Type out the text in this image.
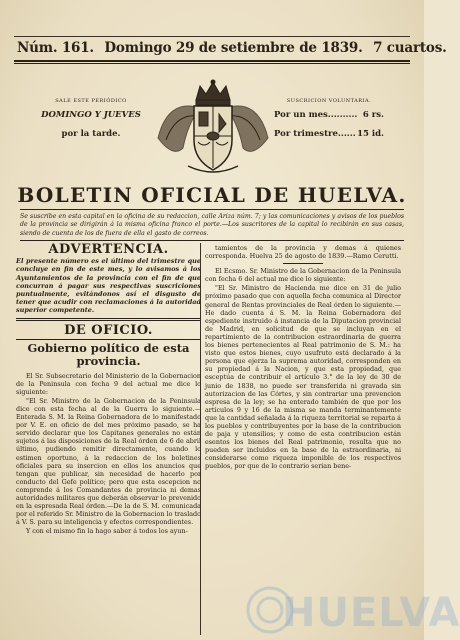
Núm. 161. Domingo 29 de setiembre de 1839. 7 cuartos.
SALE ESTE PERIÓDICO
DOMINGO Y JUEVES
por la tarde.
SUSCRICION VOLUNTARIA.
Por un mes.......... 6 rs.
Por trimestre...... 15 id.
BOLETIN OFICIAL DE HUELVA.
Se suscribe en esta capital en la oficina de su redaccion, calle Ariza núm. 7; y las comunicaciones y avisos de los pueblos de la provincia se dirigirán á la misma oficina franco el porte.—Los suscritores de la capital lo recibirán en sus casas, siendo de cuenta de los de fuera de ella el gasto de correos.
ADVERTENCIA.
El presente número es el último del trimestre que concluye en fin de este mes, y lo avisamos á los Ayuntamientos de la provincia con el fin de que concurran á pagar sus respectivas suscriciones puntualmente, evitándonos así el disgusto de tener que acudir con reclamaciones á la autoridad superior competente.
DE OFICIO.
Gobierno político de esta provincia.

El Sr. Subsecretario del Ministerio de la Gobernacion de la Peninsula con fecha 9 del actual me dice lo siguiente:

"El Sr. Ministro de la Gobernacion de la Peninsula dice con esta fecha al de la Guerra lo siguiente.—Enterada S. M. la Reina Gobernadora de lo manifestado por V. E. en oficio de del mes próximo pasado, se ha servido declarar que los Capitanes generales no están sujetos á las disposiciones de la Real órden de 6 de abril último, pudiendo remitir directamente, cuando lo estimen oportuno, á la redaccion de los boletines oficiales para su insercion en ellos los anuncios que tengan que publicar, sin necesidad de hacerlo por conducto del Gefe político; pero que esta escepcion no comprende á los Comandantes de provincia ni demas autoridades militares que deberán observar lo prevenido en la espresada Real órden.—De la de S. M. comunicada por el referido Sr. Ministro de la Gobernacion lo traslado á V. S. para su inteligencia y efectos correspondientes.

Y con el mismo fin la hago saber á todos los ayun-

tamientos de la provincia y demas á quienes corresponda. Huelva 25 de agosto de 1839.—Ramo Cerutti.

El Ecsmo. Sr. Ministro de la Gobernacion de la Peninsula con fecha 6 del actual me dice lo siguiente:

"El Sr. Ministro de Hacienda me dice en 31 de julio próximo pasado que con aquella fecha comunica al Director general de Rentas provinciales de Real órden lo siguiente.—He dado cuenta á S. M. la Reina Gobernadora del espediente instruido á instancia de la Diputacion provincial de Madrid, en solicitud de que se incluyan en el repartimiento de la contribucion estraordinaria de guerra los bienes pertenecientes al Real patrimonio de S. M.: ha visto que estos bienes, cuyo usufruto está declarado á la persona que ejerza la suprema autoridad, corresponden en su propiedad á la Nacion, y que esta propiedad, que esceptúa de contribuir el artículo 3.° de la ley de 30 de junio de 1838, no puede ser transferida ni gravada sin autorizacion de las Córtes, y sin contrariar una prevencion espresa de la ley; se ha enterado también de que por los artículos 9 y 16 de la misma se manda terminantemente que la cantidad señalada á la riqueza territorial se reparta á los pueblos y contribuyentes por la base de la contribucion de paja y utensilios; y como de esta contribucion están esentos los bienes del Real patrimonio, resulta que no pueden ser incluidos en la base de la estraordinaria, ni considerarse como riqueza imponible de los respectivos pueblos, por que de lo contrario serian bene-

HUELVA
